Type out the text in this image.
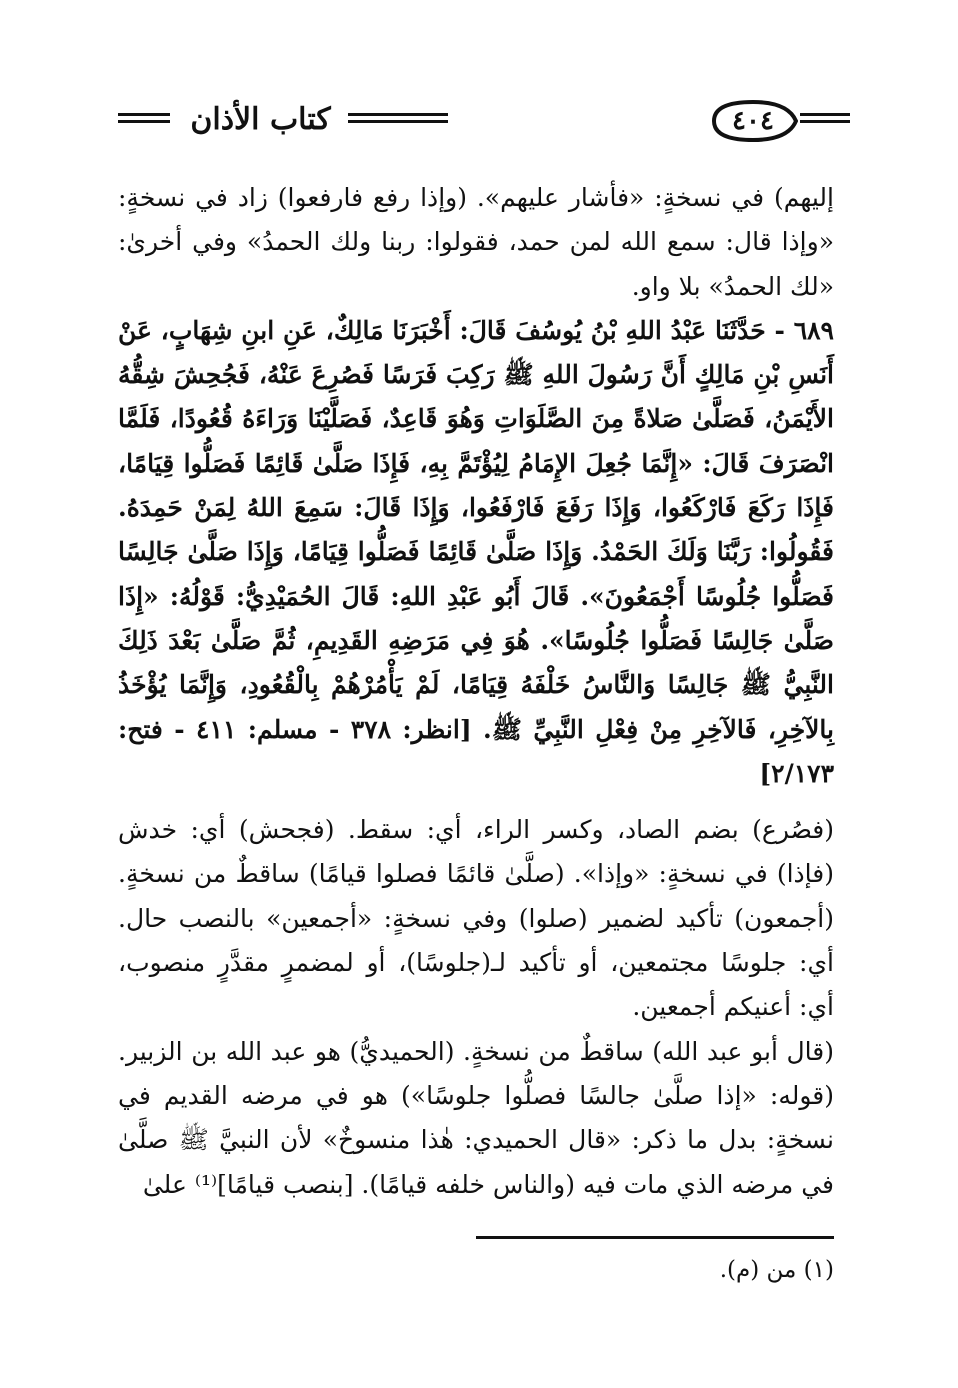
كتاب الأذان	٤٠٤

إليهم) في نسخةٍ: «فأشار عليهم». (وإذا رفع فارفعوا) زاد في نسخةٍ: «وإذا قال: سمع الله لمن حمد، فقولوا: ربنا ولك الحمدُ» وفي أخرىٰ: «لك الحمدُ» بلا واو.

٦٨٩ - حَدَّثَنَا عَبْدُ اللهِ بْنُ يُوسُفَ قَالَ: أَخْبَرَنَا مَالِكٌ، عَنِ ابنِ شِهَابٍ، عَنْ أَنَسِ بْنِ مَالِكٍ أَنَّ رَسُولَ اللهِ ﷺ رَكِبَ فَرَسًا فَصُرِعَ عَنْهُ، فَجُحِشَ شِقُّهُ الأَيْمَنُ، فَصَلَّىٰ صَلاةً مِنَ الصَّلَوَاتِ وَهُوَ قَاعِدٌ، فَصَلَّيْنَا وَرَاءَهُ قُعُودًا، فَلَمَّا انْصَرَفَ قَالَ: «إِنَّمَا جُعِلَ الإِمَامُ لِيُؤْتَمَّ بِهِ، فَإِذَا صَلَّىٰ قَائِمًا فَصَلُّوا قِيَامًا، فَإِذَا رَكَعَ فَارْكَعُوا، وَإِذَا رَفَعَ فَارْفَعُوا، وَإِذَا قَالَ: سَمِعَ اللهُ لِمَنْ حَمِدَهُ. فَقُولُوا: رَبَّنَا وَلَكَ الحَمْدُ. وَإِذَا صَلَّىٰ قَائِمًا فَصَلُّوا قِيَامًا، وَإِذَا صَلَّىٰ جَالِسًا فَصَلُّوا جُلُوسًا أَجْمَعُونَ». قَالَ أَبُو عَبْدِ اللهِ: قَالَ الحُمَيْدِيُّ: قَوْلُهُ: «إِذَا صَلَّىٰ جَالِسًا فَصَلُّوا جُلُوسًا». هُوَ فِي مَرَضِهِ القَدِيمِ، ثُمَّ صَلَّىٰ بَعْدَ ذَلِكَ النَّبِيُّ ﷺ جَالِسًا وَالنَّاسُ خَلْفَهُ قِيَامًا، لَمْ يَأْمُرْهُمْ بِالْقُعُودِ، وَإِنَّمَا يُؤْخَذُ بِالآخِرِ، فَالآخِرِ مِنْ فِعْلِ النَّبِيِّ ﷺ. [انظر: ٣٧٨ - مسلم: ٤١١ - فتح: ٢/١٧٣]

(فصُرع) بضم الصاد، وكسر الراء، أي: سقط. (فجحش) أي: خدش (فإذا) في نسخةٍ: «وإذا». (صلَّىٰ قائمًا فصلوا قيامًا) ساقطٌ من نسخةٍ. (أجمعون) تأكيد لضمير (صلوا) وفي نسخةٍ: «أجمعين» بالنصب حال. أي: جلوسًا مجتمعين، أو تأكيد لـ(جلوسًا)، أو لمضمرٍ مقدَّرٍ منصوب، أي: أعنيكم أجمعين.

(قال أبو عبد الله) ساقطٌ من نسخةٍ. (الحميديُّ) هو عبد الله بن الزبير. (قوله: «إذا صلَّىٰ جالسًا فصلُّوا جلوسًا») هو في مرضه القديم في نسخةٍ: بدل ما ذكر: «قال الحميدي: هٰذا منسوخٌ» لأن النبيَّ ﷺ صلَّىٰ في مرضه الذي مات فيه (والناس خلفه قيامًا). [بنصب قيامًا]⁽¹⁾ علىٰ

(١) من (م).
